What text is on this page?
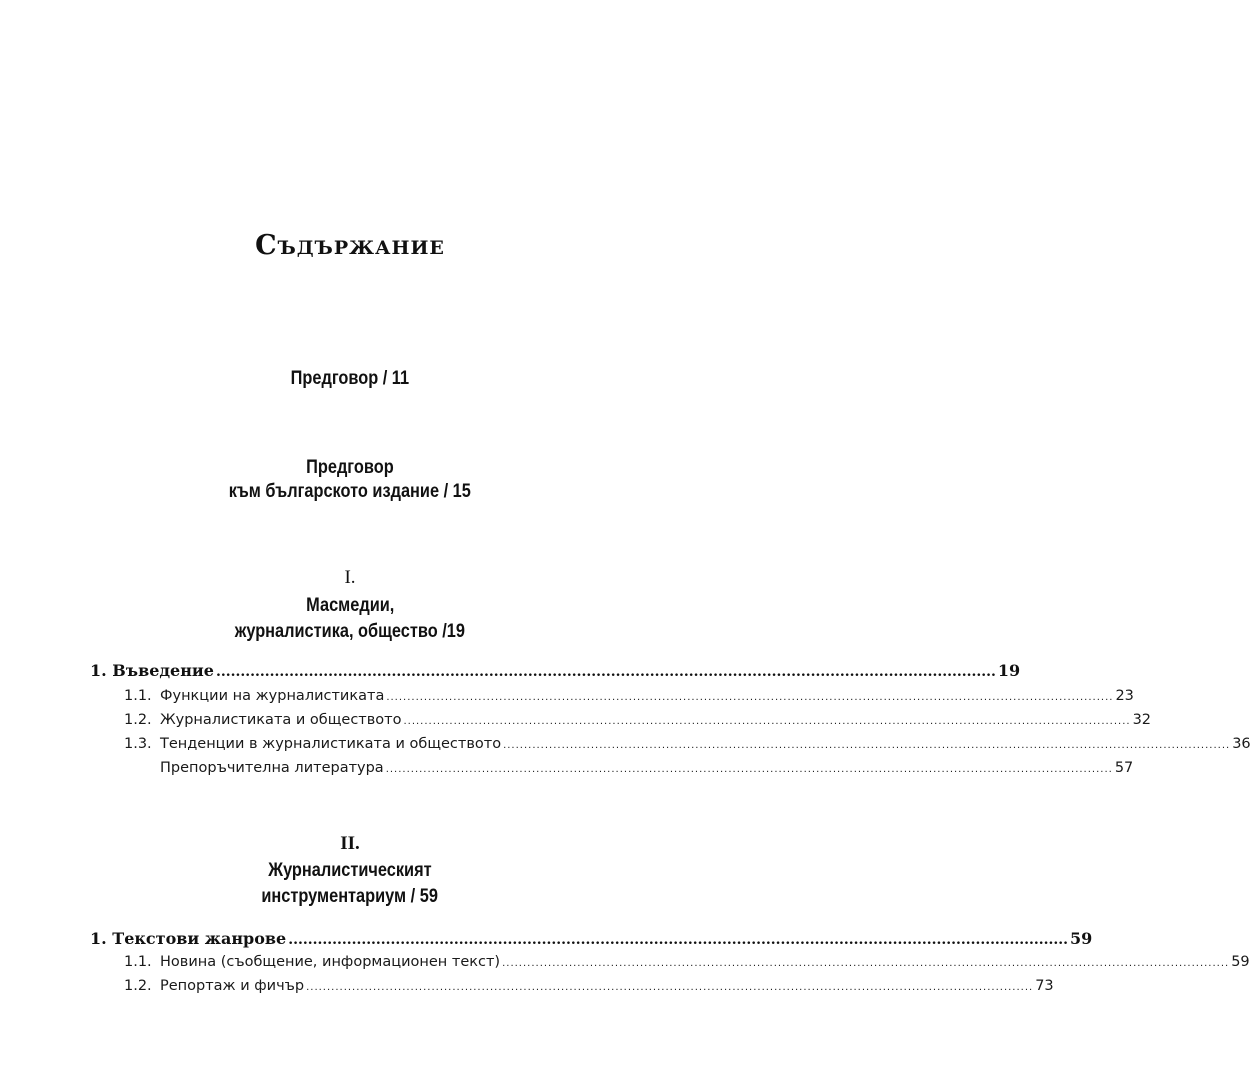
Съдържание
Предговор / 11
Предговор
към българското издание / 15
I.
Масмедии,
журналистика, общество /19
1. Въведение ................................................................................................................................................................ 19
1.1. Функции на журналистиката .............................................................................................................................................................................. 23
1.2. Журналистиката и обществото .............................................................................................................................................................................. 32
1.3. Тенденции в журналистиката и обществото .............................................................................................................................................................................. 36
Препоръчителна литература .............................................................................................................................................................................. 57
II.
Журналистическият
инструментариум / 59
1. Текстови жанрове ................................................................................................................................................................ 59
1.1. Новина (съобщение, информационен текст) .............................................................................................................................................................................. 59
1.2. Репортаж и фичър .............................................................................................................................................................................. 73
